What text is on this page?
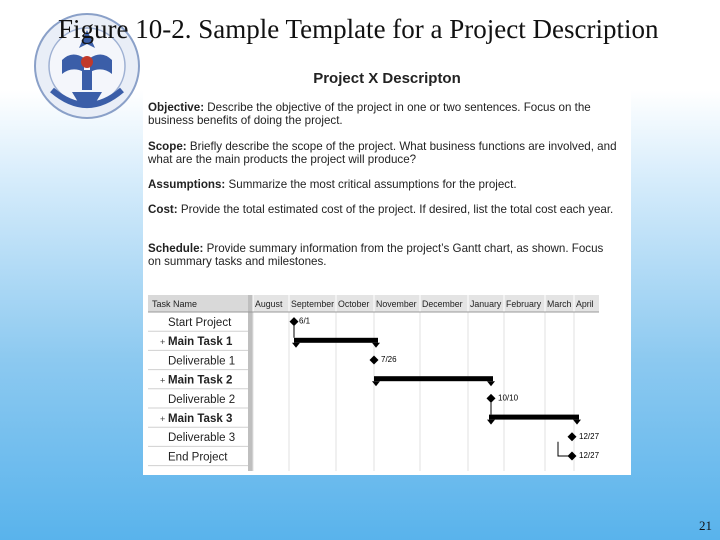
Figure 10-2. Sample Template for a Project Description
Project X Descripton
Objective: Describe the objective of the project in one or two sentences. Focus on the business benefits of doing the project.
Scope: Briefly describe the scope of the project. What business functions are involved, and what are the main products the project will produce?
Assumptions: Summarize the most critical assumptions for the project.
Cost: Provide the total estimated cost of the project. If desired, list the total cost each year.
Schedule: Provide summary information from the project’s Gantt chart, as shown. Focus on summary tasks and milestones.
Task Name	August September October November December January February March April
Start Project
+ Main Task 1
Deliverable 1
+ Main Task 2
Deliverable 2
+ Main Task 3
Deliverable 3
End Project
6/1
7/26
10/10
12/27
12/27
21
